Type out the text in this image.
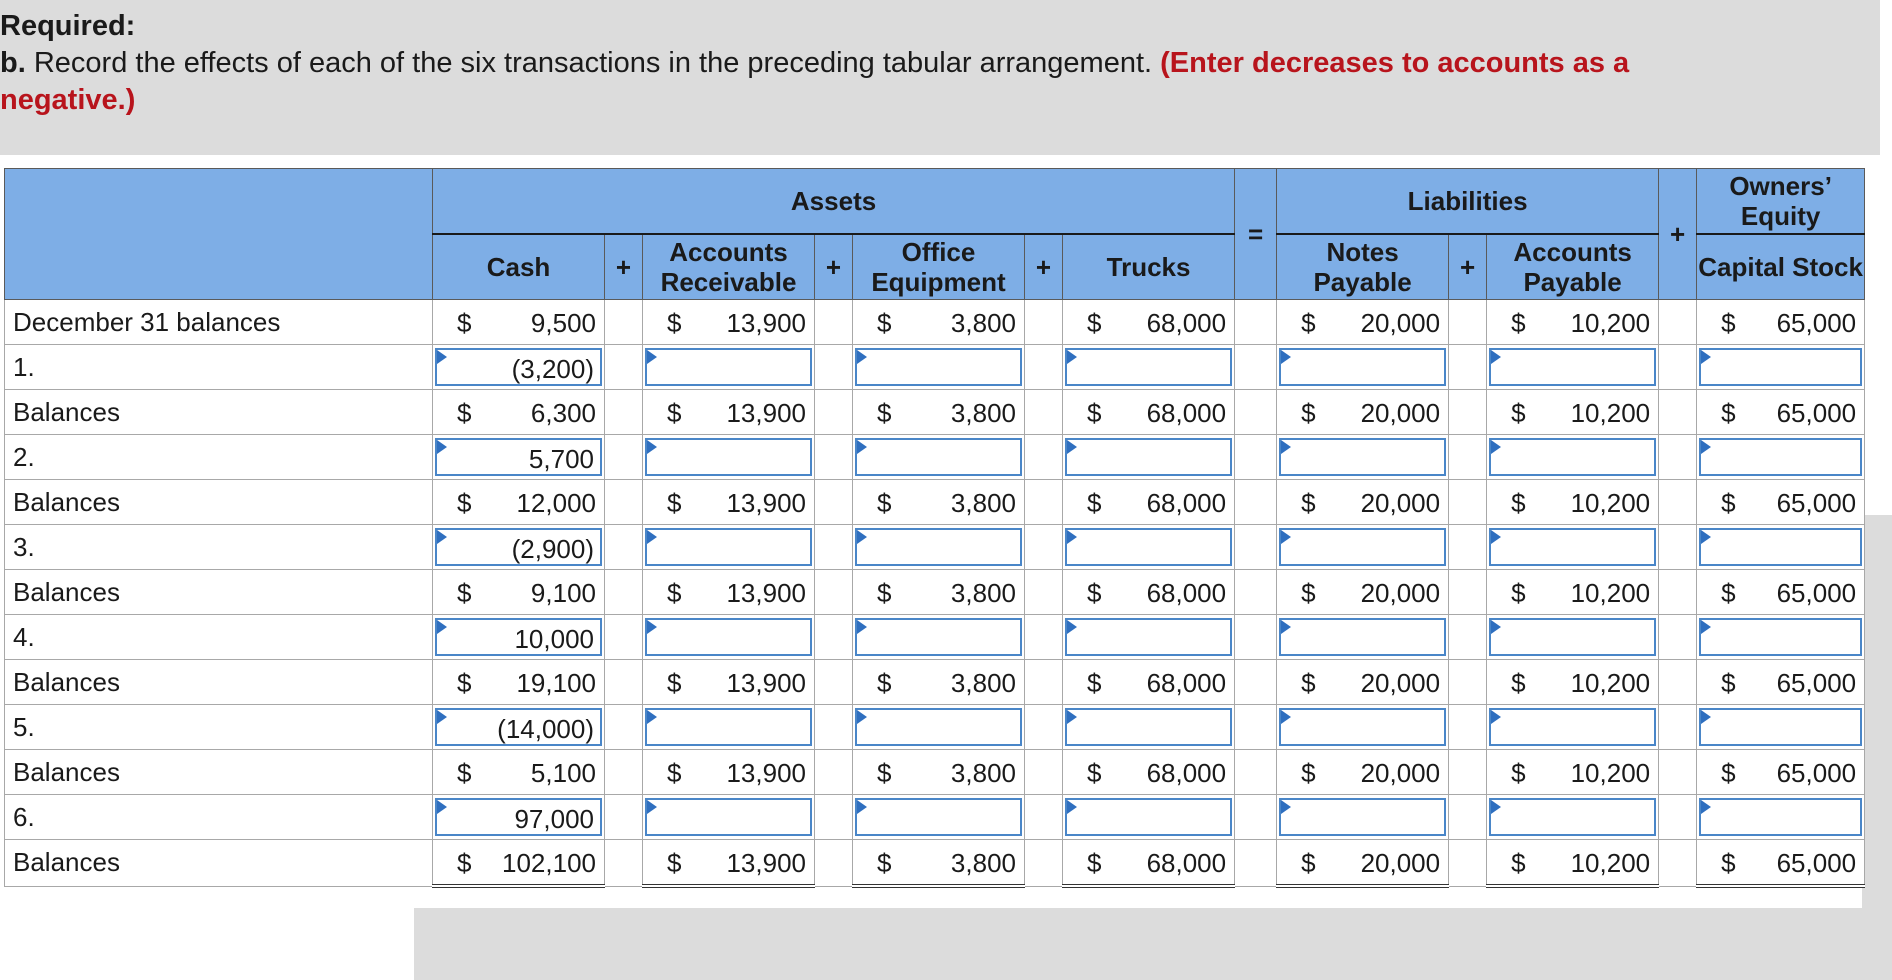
Required:
b. Record the effects of each of the six transactions in the preceding tabular arrangement. (Enter decreases to accounts as a negative.)
	Assets							=	Liabilities			+	Owners’ Equity
	Cash	+	Accounts Receivable	+	Office Equipment	+	Trucks		Notes Payable	+	Accounts Payable		Capital Stock
December 31 balances	$ 9,500		$ 13,900		$ 3,800		$ 68,000		$ 20,000		$ 10,200		$ 65,000

1.	(3,200)												

Balances	$ 6,300		$ 13,900		$ 3,800		$ 68,000		$ 20,000		$ 10,200		$ 65,000

2.	5,700												

Balances	$ 12,000		$ 13,900		$ 3,800		$ 68,000		$ 20,000		$ 10,200		$ 65,000

3.	(2,900)												

Balances	$ 9,100		$ 13,900		$ 3,800		$ 68,000		$ 20,000		$ 10,200		$ 65,000

4.	10,000												

Balances	$ 19,100		$ 13,900		$ 3,800		$ 68,000		$ 20,000		$ 10,200		$ 65,000

5.	(14,000)												

Balances	$ 5,100		$ 13,900		$ 3,800		$ 68,000		$ 20,000		$ 10,200		$ 65,000

6.	97,000												

Balances	$ 102,100		$ 13,900		$ 3,800		$ 68,000		$ 20,000		$ 10,200		$ 65,000
